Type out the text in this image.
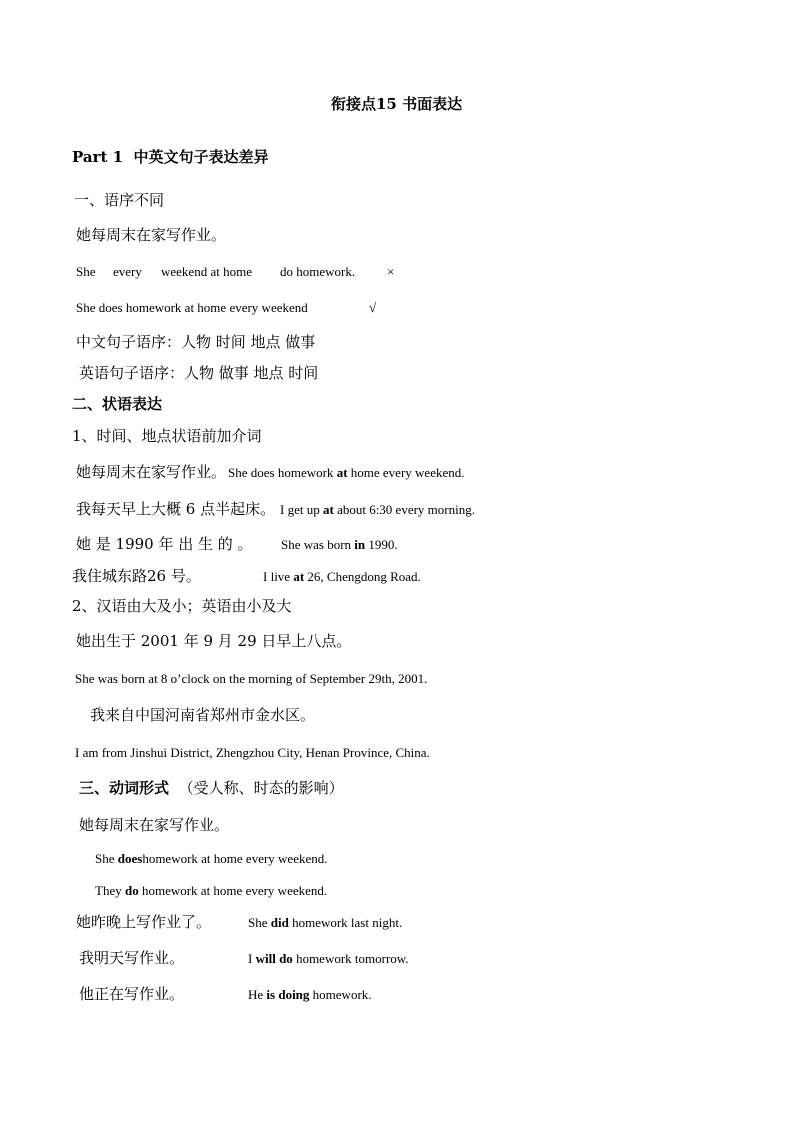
衔接点15 书面表达
Part 1 中英文句子表达差异
一、语序不同
她每周末在家写作业。
She every weekend at home do homework. ×
She does homework at home every weekend	√
中文句子语序：人物 时间 地点 做事
英语句子语序：人物 做事 地点 时间
二、状语表达
1、时间、地点状语前加介词
她每周末在家写作业。 She does homework at home every weekend.
我每天早上大概 6 点半起床。 I get up at about 6:30 every morning.
她 是 1990 年 出 生 的 。 She was born in 1990.
我住城东路26 号。	I live at 26, Chengdong Road.
2、汉语由大及小；英语由小及大
她出生于 2001 年 9 月 29 日早上八点。
She was born at 8 o’clock on the morning of September 29th, 2001.
我来自中国河南省郑州市金水区。
I am from Jinshui District, Zhengzhou City, Henan Province, China.
三、动词形式 （受人称、时态的影响）
她每周末在家写作业。
She doeshomework at home every weekend.
They do homework at home every weekend.
她昨晚上写作业了。	She did homework last night.
我明天写作业。	I will do homework tomorrow.
他正在写作业。	He is doing homework.
